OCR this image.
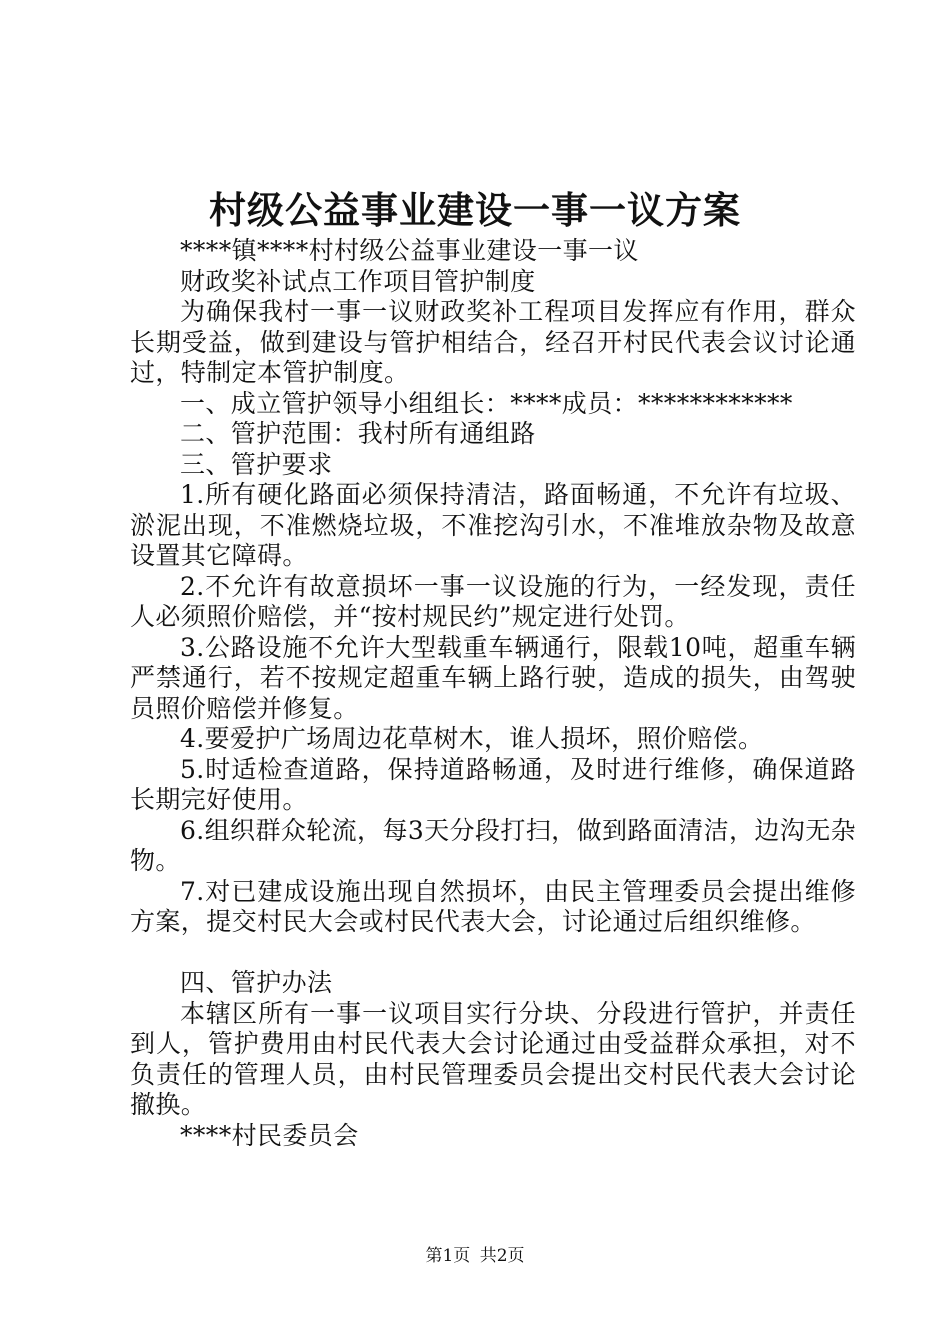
村级公益事业建设一事一议方案

****镇****村村级公益事业建设一事一议

财政奖补试点工作项目管护制度

为确保我村一事一议财政奖补工程项目发挥应有作用，群众长期受益，做到建设与管护相结合，经召开村民代表会议讨论通过，特制定本管护制度。

一、成立管护领导小组组长：****成员：************

二、管护范围：我村所有通组路

三、管护要求

1.所有硬化路面必须保持清洁，路面畅通，不允许有垃圾、淤泥出现，不准燃烧垃圾，不准挖沟引水，不准堆放杂物及故意设置其它障碍。

2.不允许有故意损坏一事一议设施的行为，一经发现，责任人必须照价赔偿，并“按村规民约”规定进行处罚。

3.公路设施不允许大型载重车辆通行，限载10吨，超重车辆严禁通行，若不按规定超重车辆上路行驶，造成的损失，由驾驶员照价赔偿并修复。

4.要爱护广场周边花草树木，谁人损坏，照价赔偿。

5.时适检查道路，保持道路畅通，及时进行维修，确保道路长期完好使用。

6.组织群众轮流，每3天分段打扫，做到路面清洁，边沟无杂物。

7.对已建成设施出现自然损坏，由民主管理委员会提出维修方案，提交村民大会或村民代表大会，讨论通过后组织维修。

四、管护办法

本辖区所有一事一议项目实行分块、分段进行管护，并责任到人，管护费用由村民代表大会讨论通过由受益群众承担，对不负责任的管理人员，由村民管理委员会提出交村民代表大会讨论撤换。

****村民委员会

第1页 共2页
